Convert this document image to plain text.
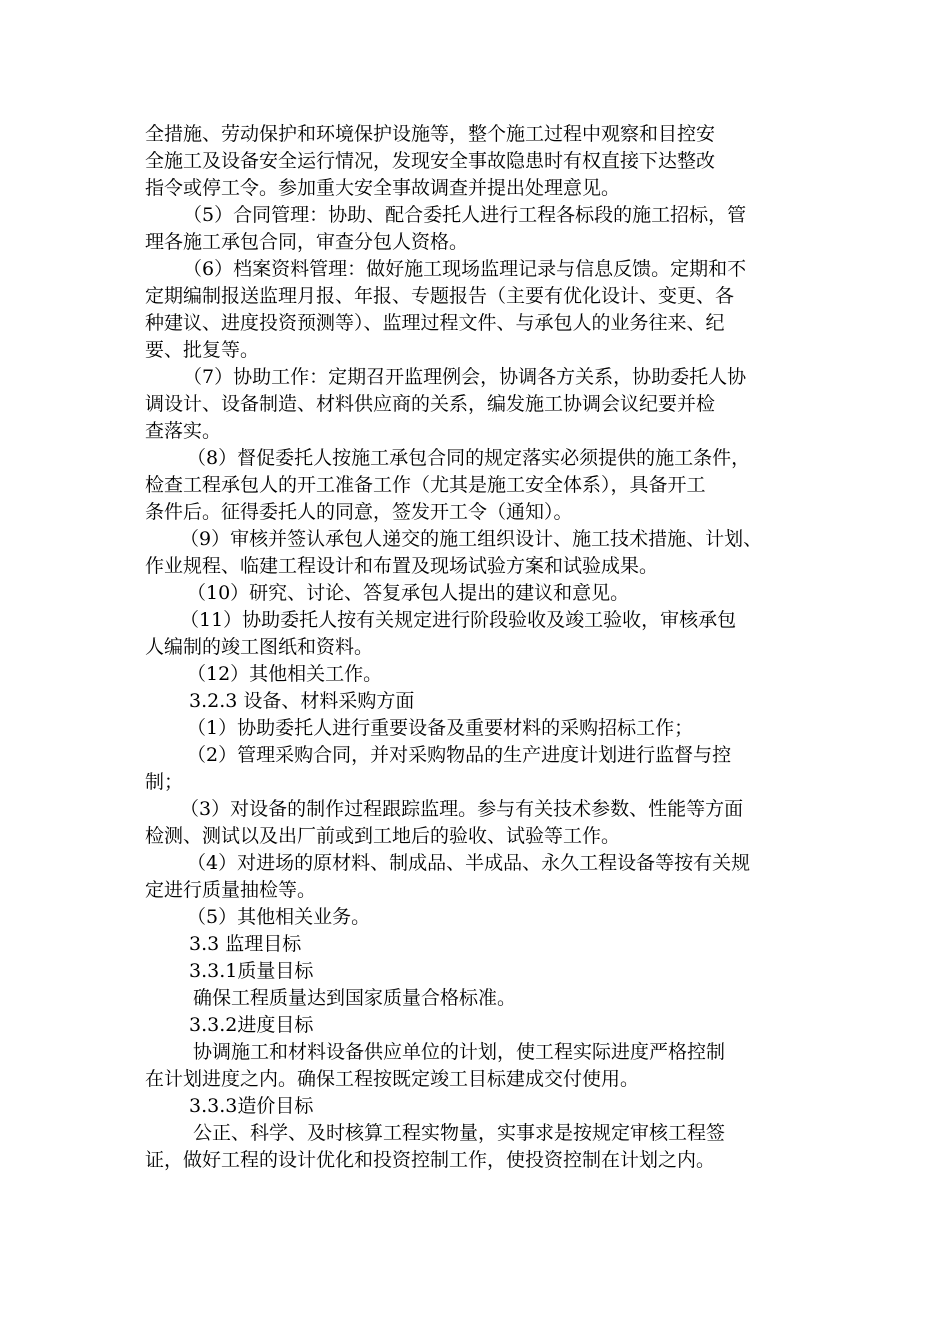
全措施、劳动保护和环境保护设施等，整个施工过程中观察和目控安

全施工及设备安全运行情况，发现安全事故隐患时有权直接下达整改

指令或停工令。参加重大安全事故调查并提出处理意见。

（5）合同管理：协助、配合委托人进行工程各标段的施工招标，管

理各施工承包合同，审查分包人资格。

（6）档案资料管理：做好施工现场监理记录与信息反馈。定期和不

定期编制报送监理月报、年报、专题报告（主要有优化设计、变更、各

种建议、进度投资预测等）、监理过程文件、与承包人的业务往来、纪

要、批复等。

（7）协助工作：定期召开监理例会，协调各方关系，协助委托人协

调设计、设备制造、材料供应商的关系，编发施工协调会议纪要并检

查落实。

（8）督促委托人按施工承包合同的规定落实必须提供的施工条件，

检查工程承包人的开工准备工作（尤其是施工安全体系），具备开工

条件后。征得委托人的同意，签发开工令（通知）。

（9）审核并签认承包人递交的施工组织设计、施工技术措施、计划、

作业规程、临建工程设计和布置及现场试验方案和试验成果。

（10）研究、讨论、答复承包人提出的建议和意见。

（11）协助委托人按有关规定进行阶段验收及竣工验收，审核承包

人编制的竣工图纸和资料。

（12）其他相关工作。

3.2.3 设备、材料采购方面

（1）协助委托人进行重要设备及重要材料的采购招标工作；

（2）管理采购合同，并对采购物品的生产进度计划进行监督与控

制；

（3）对设备的制作过程跟踪监理。参与有关技术参数、性能等方面

检测、测试以及出厂前或到工地后的验收、试验等工作。

（4）对进场的原材料、制成品、半成品、永久工程设备等按有关规

定进行质量抽检等。

（5）其他相关业务。

3.3 监理目标

3.3.1质量目标

确保工程质量达到国家质量合格标准。

3.3.2进度目标

协调施工和材料设备供应单位的计划，使工程实际进度严格控制

在计划进度之内。确保工程按既定竣工目标建成交付使用。

3.3.3造价目标

公正、科学、及时核算工程实物量，实事求是按规定审核工程签

证，做好工程的设计优化和投资控制工作，使投资控制在计划之内。
